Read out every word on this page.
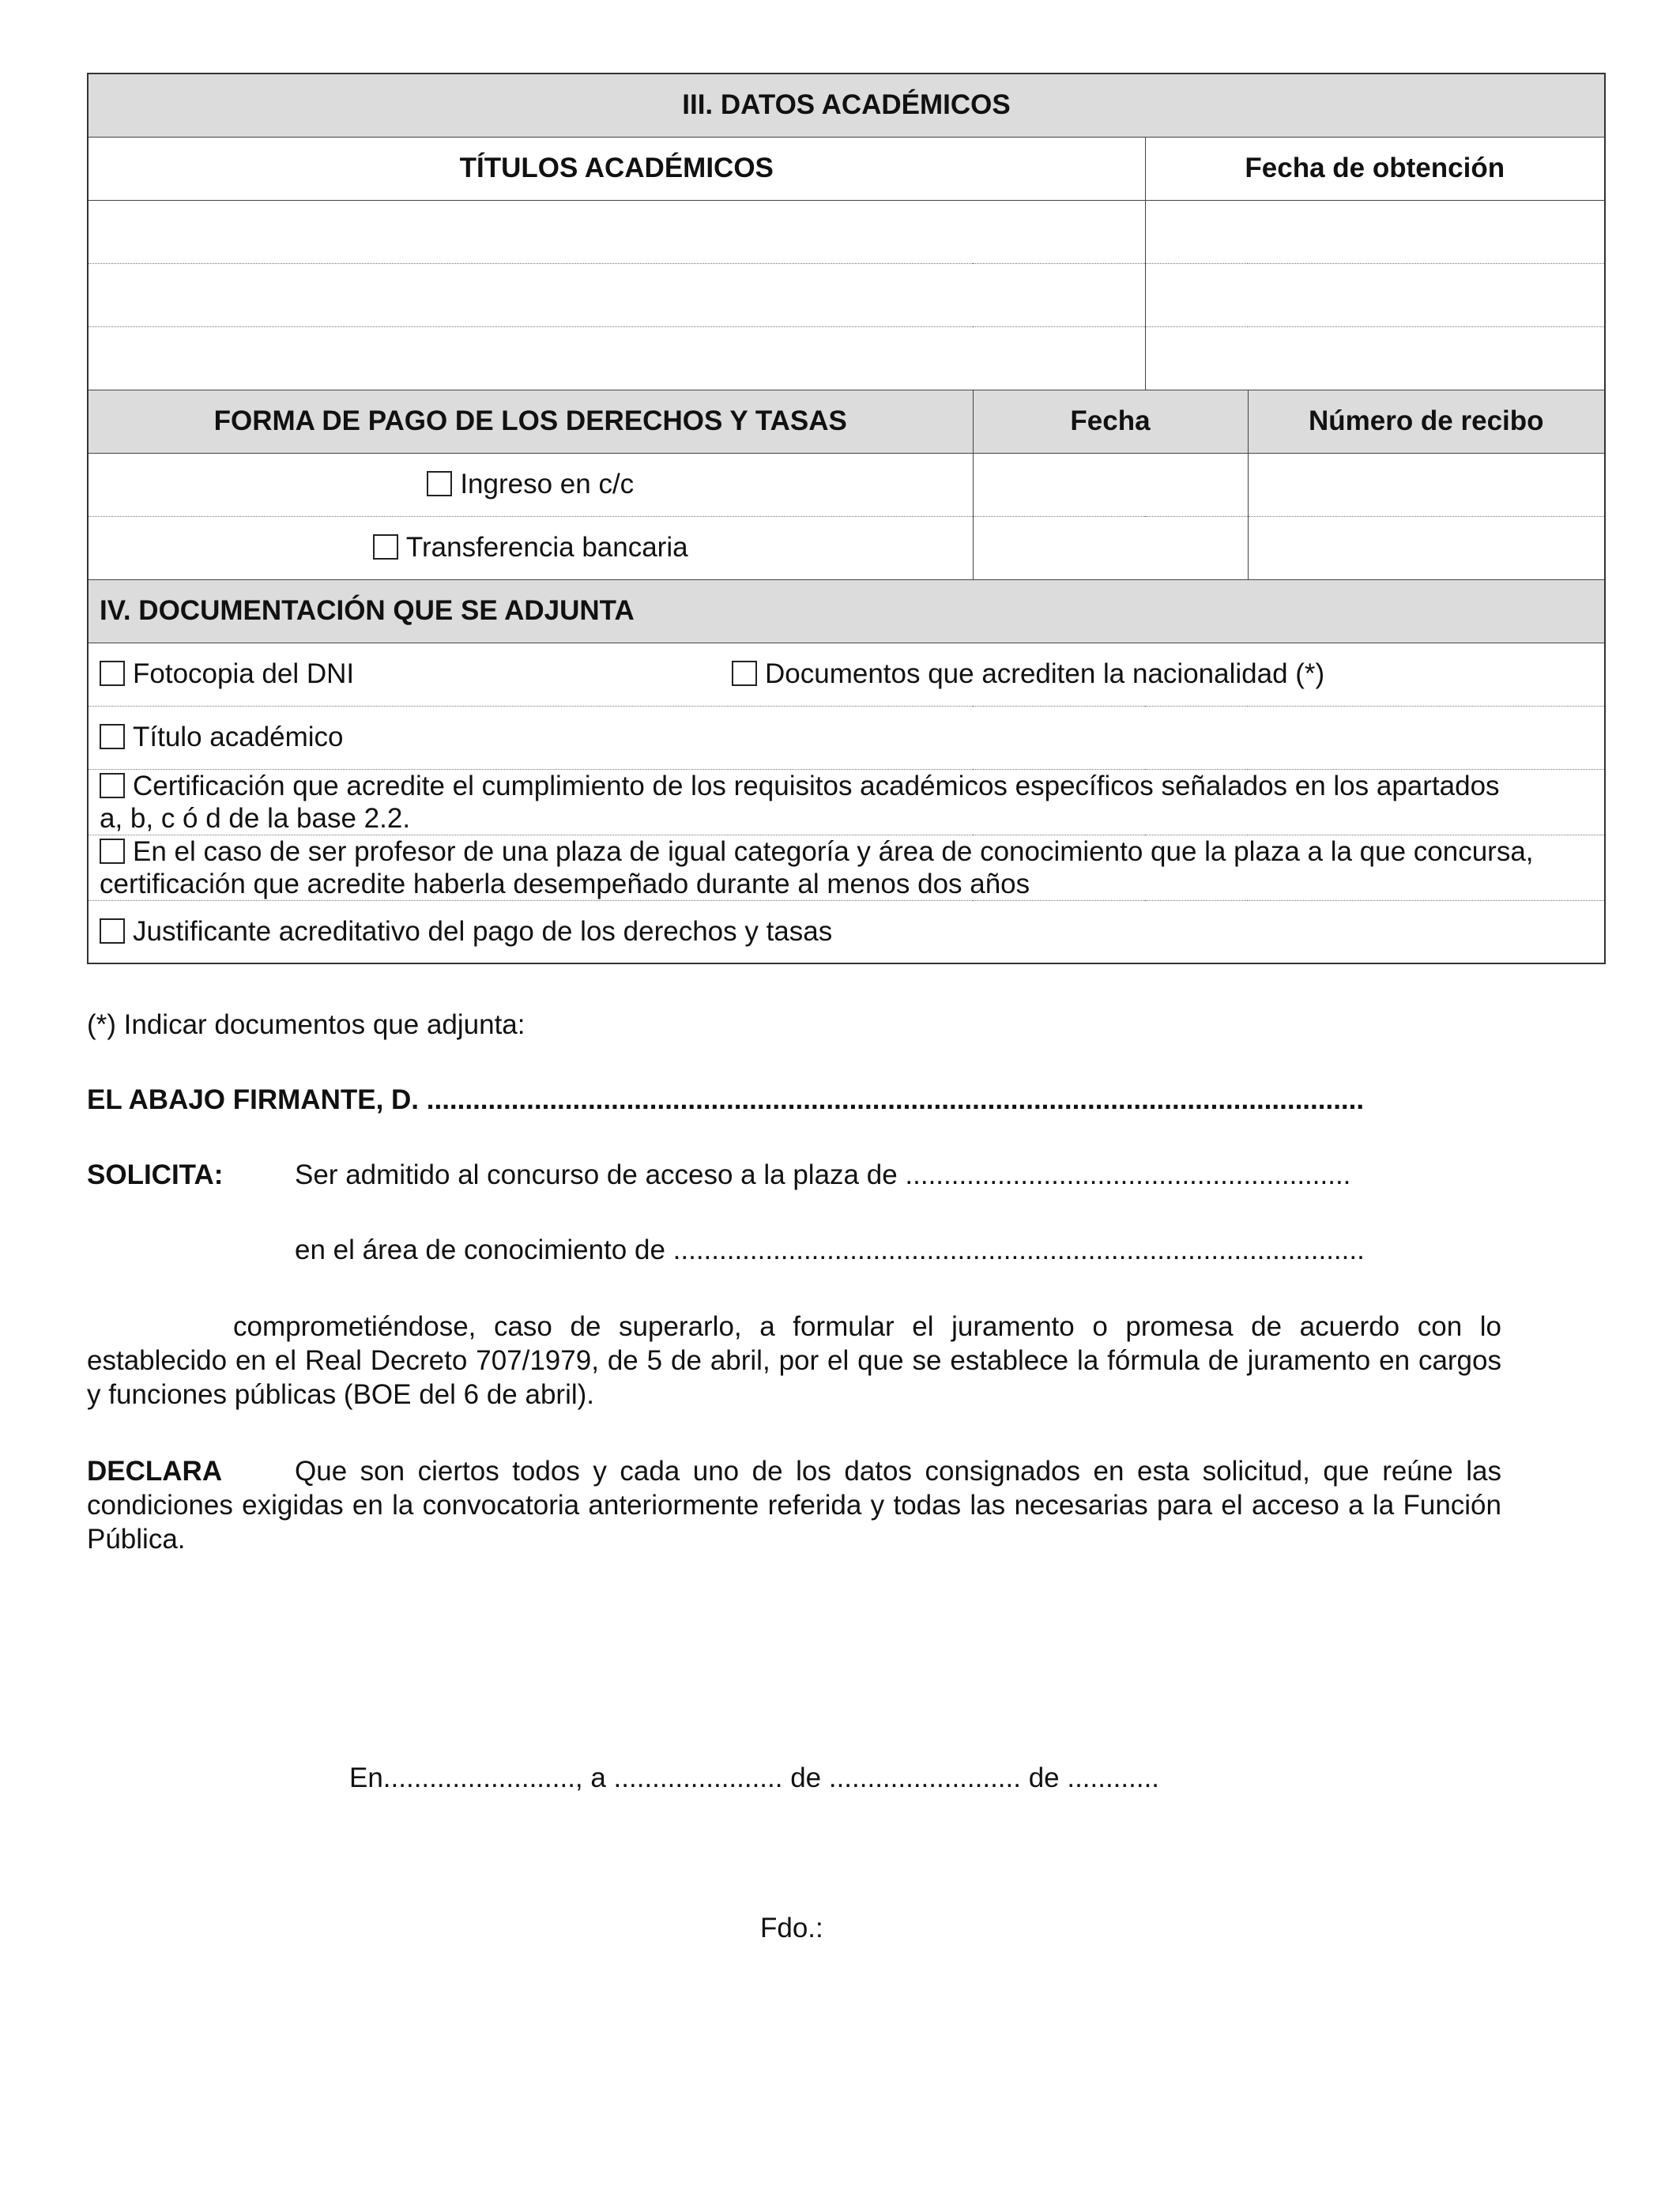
III. DATOS ACADÉMICOS			
TÍTULOS ACADÉMICOS		Fecha de obtención	

FORMA DE PAGO DE LOS DERECHOS Y TASAS	Fecha		Número de recibo
Ingreso en c/c			
Transferencia bancaria			
IV. DOCUMENTACIÓN QUE SE ADJUNTA			
Fotocopia del DNI Documentos que acrediten la nacionalidad (*)			
Título académico			
Certificación que acredite el cumplimiento de los requisitos académicos específicos señalados en los apartados
a, b, c ó d de la base 2.2.			
En el caso de ser profesor de una plaza de igual categoría y área de conocimiento que la plaza a la que concursa,
certificación que acredite haberla desempeñado durante al menos dos años			
Justificante acreditativo del pago de los derechos y tasas			
(*) Indicar documentos que adjunta:
EL ABAJO FIRMANTE, D. ..........................................................................................................................
SOLICITA:	Ser admitido al concurso de acceso a la plaza de ..........................................................
en el área de conocimiento de ..........................................................................................
comprometiéndose, caso de superarlo, a formular el juramento o promesa de acuerdo con lo establecido en el Real Decreto 707/1979, de 5 de abril, por el que se establece la fórmula de juramento en cargos y funciones públicas (BOE del 6 de abril).
DECLARA	Que son ciertos todos y cada uno de los datos consignados en esta solicitud, que reúne las condiciones exigidas en la convocatoria anteriormente referida y todas las necesarias para el acceso a la Función Pública.
En........................., a ...................... de ......................... de ............
Fdo.:
